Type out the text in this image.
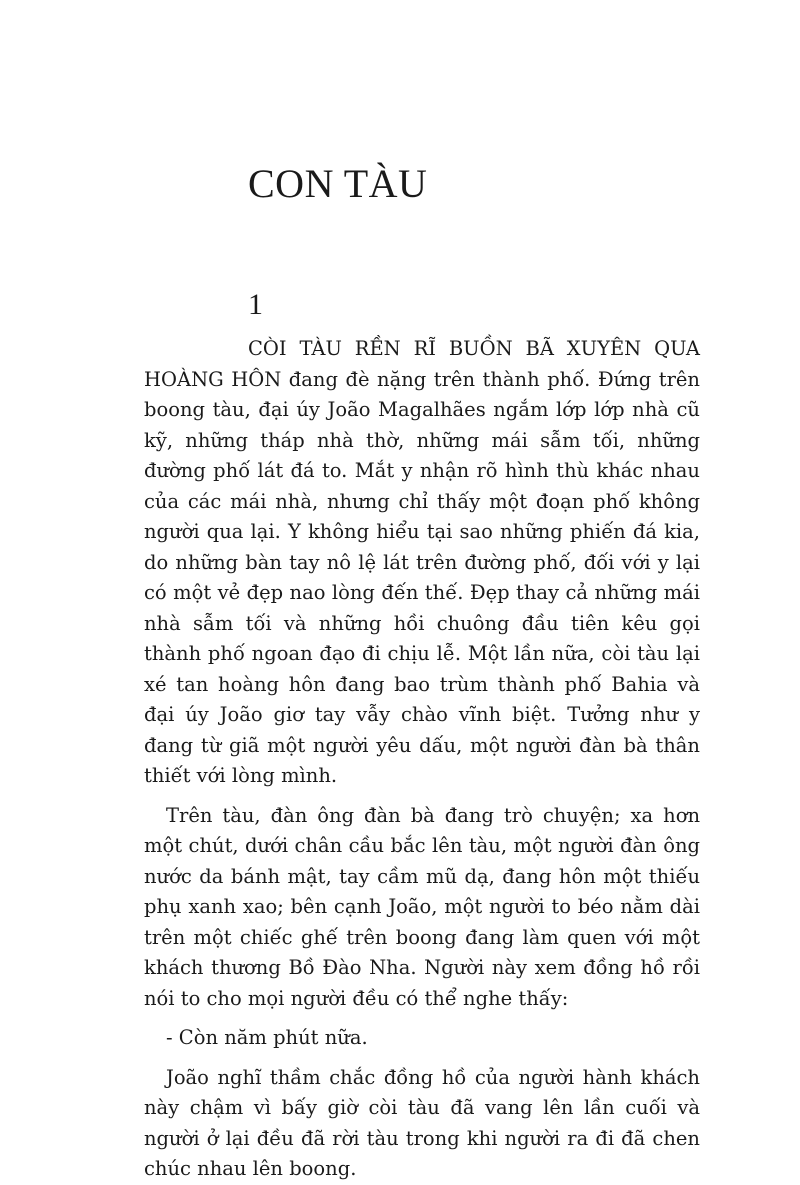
CON TÀU
1

CÒI TÀU RỀN RĨ BUỒN BÃ XUYÊN QUA HOÀNG HÔN đang đè nặng trên thành phố. Đứng trên boong tàu, đại úy João Magalhães ngắm lớp lớp nhà cũ kỹ, những tháp nhà thờ, những mái sẫm tối, những đường phố lát đá to. Mắt y nhận rõ hình thù khác nhau của các mái nhà, nhưng chỉ thấy một đoạn phố không người qua lại. Y không hiểu tại sao những phiến đá kia, do những bàn tay nô lệ lát trên đường phố, đối với y lại có một vẻ đẹp nao lòng đến thế. Đẹp thay cả những mái nhà sẫm tối và những hồi chuông đầu tiên kêu gọi thành phố ngoan đạo đi chịu lễ. Một lần nữa, còi tàu lại xé tan hoàng hôn đang bao trùm thành phố Bahia và đại úy João giơ tay vẫy chào vĩnh biệt. Tưởng như y đang từ giã một người yêu dấu, một người đàn bà thân thiết với lòng mình.

Trên tàu, đàn ông đàn bà đang trò chuyện; xa hơn một chút, dưới chân cầu bắc lên tàu, một người đàn ông nước da bánh mật, tay cầm mũ dạ, đang hôn một thiếu phụ xanh xao; bên cạnh João, một người to béo nằm dài trên một chiếc ghế trên boong đang làm quen với một khách thương Bồ Đào Nha. Người này xem đồng hồ rồi nói to cho mọi người đều có thể nghe thấy:

- Còn năm phút nữa.

João nghĩ thầm chắc đồng hồ của người hành khách này chậm vì bấy giờ còi tàu đã vang lên lần cuối và người ở lại đều đã rời tàu trong khi người ra đi đã chen chúc nhau lên boong.
